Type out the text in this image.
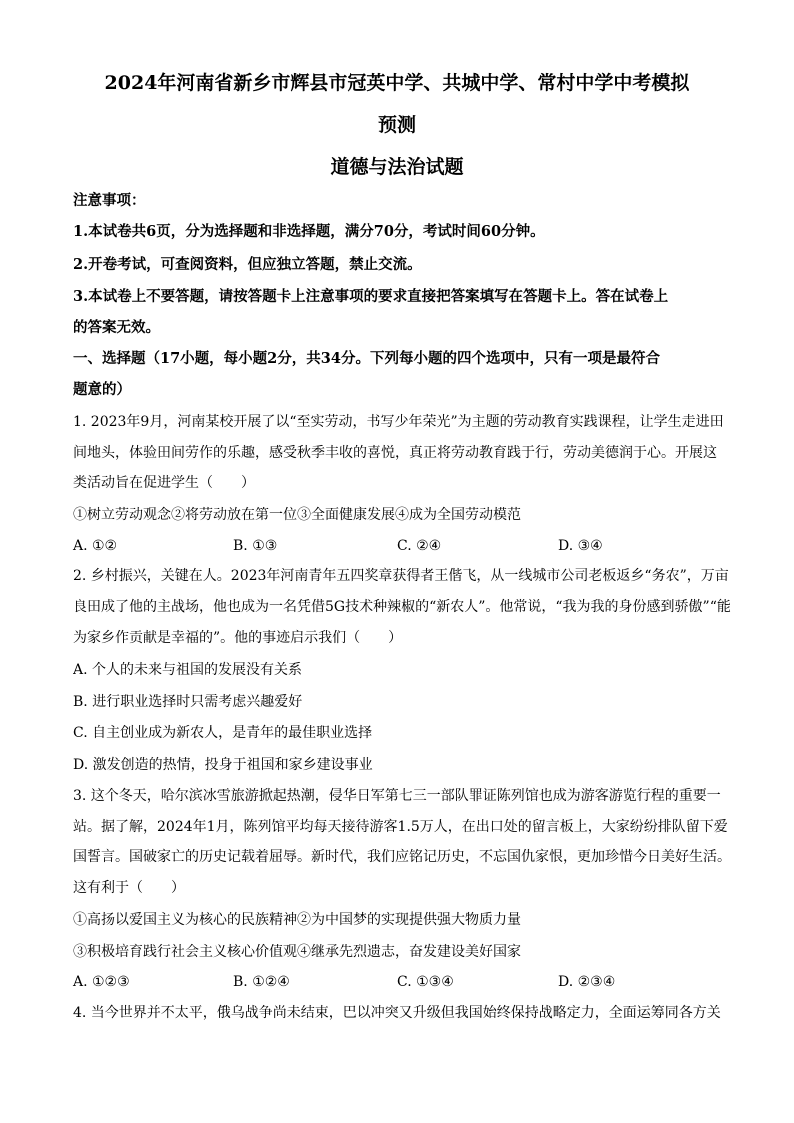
2024年河南省新乡市辉县市冠英中学、共城中学、常村中学中考模拟
预测
道德与法治试题
注意事项：
1.本试卷共6页，分为选择题和非选择题，满分70分，考试时间60分钟。
2.开卷考试，可查阅资料，但应独立答题，禁止交流。
3.本试卷上不要答题，请按答题卡上注意事项的要求直接把答案填写在答题卡上。答在试卷上
的答案无效。
一、选择题（17小题，每小题2分，共34分。下列每小题的四个选项中，只有一项是最符合
题意的）
1. 2023年9月，河南某校开展了以“至实劳动，书写少年荣光”为主题的劳动教育实践课程，让学生走进田
间地头，体验田间劳作的乐趣，感受秋季丰收的喜悦，真正将劳动教育践于行，劳动美德润于心。开展这
类活动旨在促进学生（　　）
①树立劳动观念②将劳动放在第一位③全面健康发展④成为全国劳动模范
A. ①②	B. ①③	C. ②④	D. ③④
2. 乡村振兴，关键在人。2023年河南青年五四奖章获得者王偕飞，从一线城市公司老板返乡“务农”，万亩
良田成了他的主战场，他也成为一名凭借5G技术种辣椒的“新农人”。他常说，“我为我的身份感到骄傲”“能
为家乡作贡献是幸福的”。他的事迹启示我们（　　）
A. 个人的未来与祖国的发展没有关系
B. 进行职业选择时只需考虑兴趣爱好
C. 自主创业成为新农人，是青年的最佳职业选择
D. 激发创造的热情，投身于祖国和家乡建设事业
3. 这个冬天，哈尔滨冰雪旅游掀起热潮，侵华日军第七三一部队罪证陈列馆也成为游客游览行程的重要一
站。据了解，2024年1月，陈列馆平均每天接待游客1.5万人，在出口处的留言板上，大家纷纷排队留下爱
国誓言。国破家亡的历史记载着屈辱。新时代，我们应铭记历史，不忘国仇家恨，更加珍惜今日美好生活。
这有利于（　　）
①高扬以爱国主义为核心的民族精神②为中国梦的实现提供强大物质力量
③积极培育践行社会主义核心价值观④继承先烈遗志，奋发建设美好国家
A. ①②③	B. ①②④	C. ①③④	D. ②③④
4. 当今世界并不太平，俄乌战争尚未结束，巴以冲突又升级但我国始终保持战略定力，全面运筹同各方关
